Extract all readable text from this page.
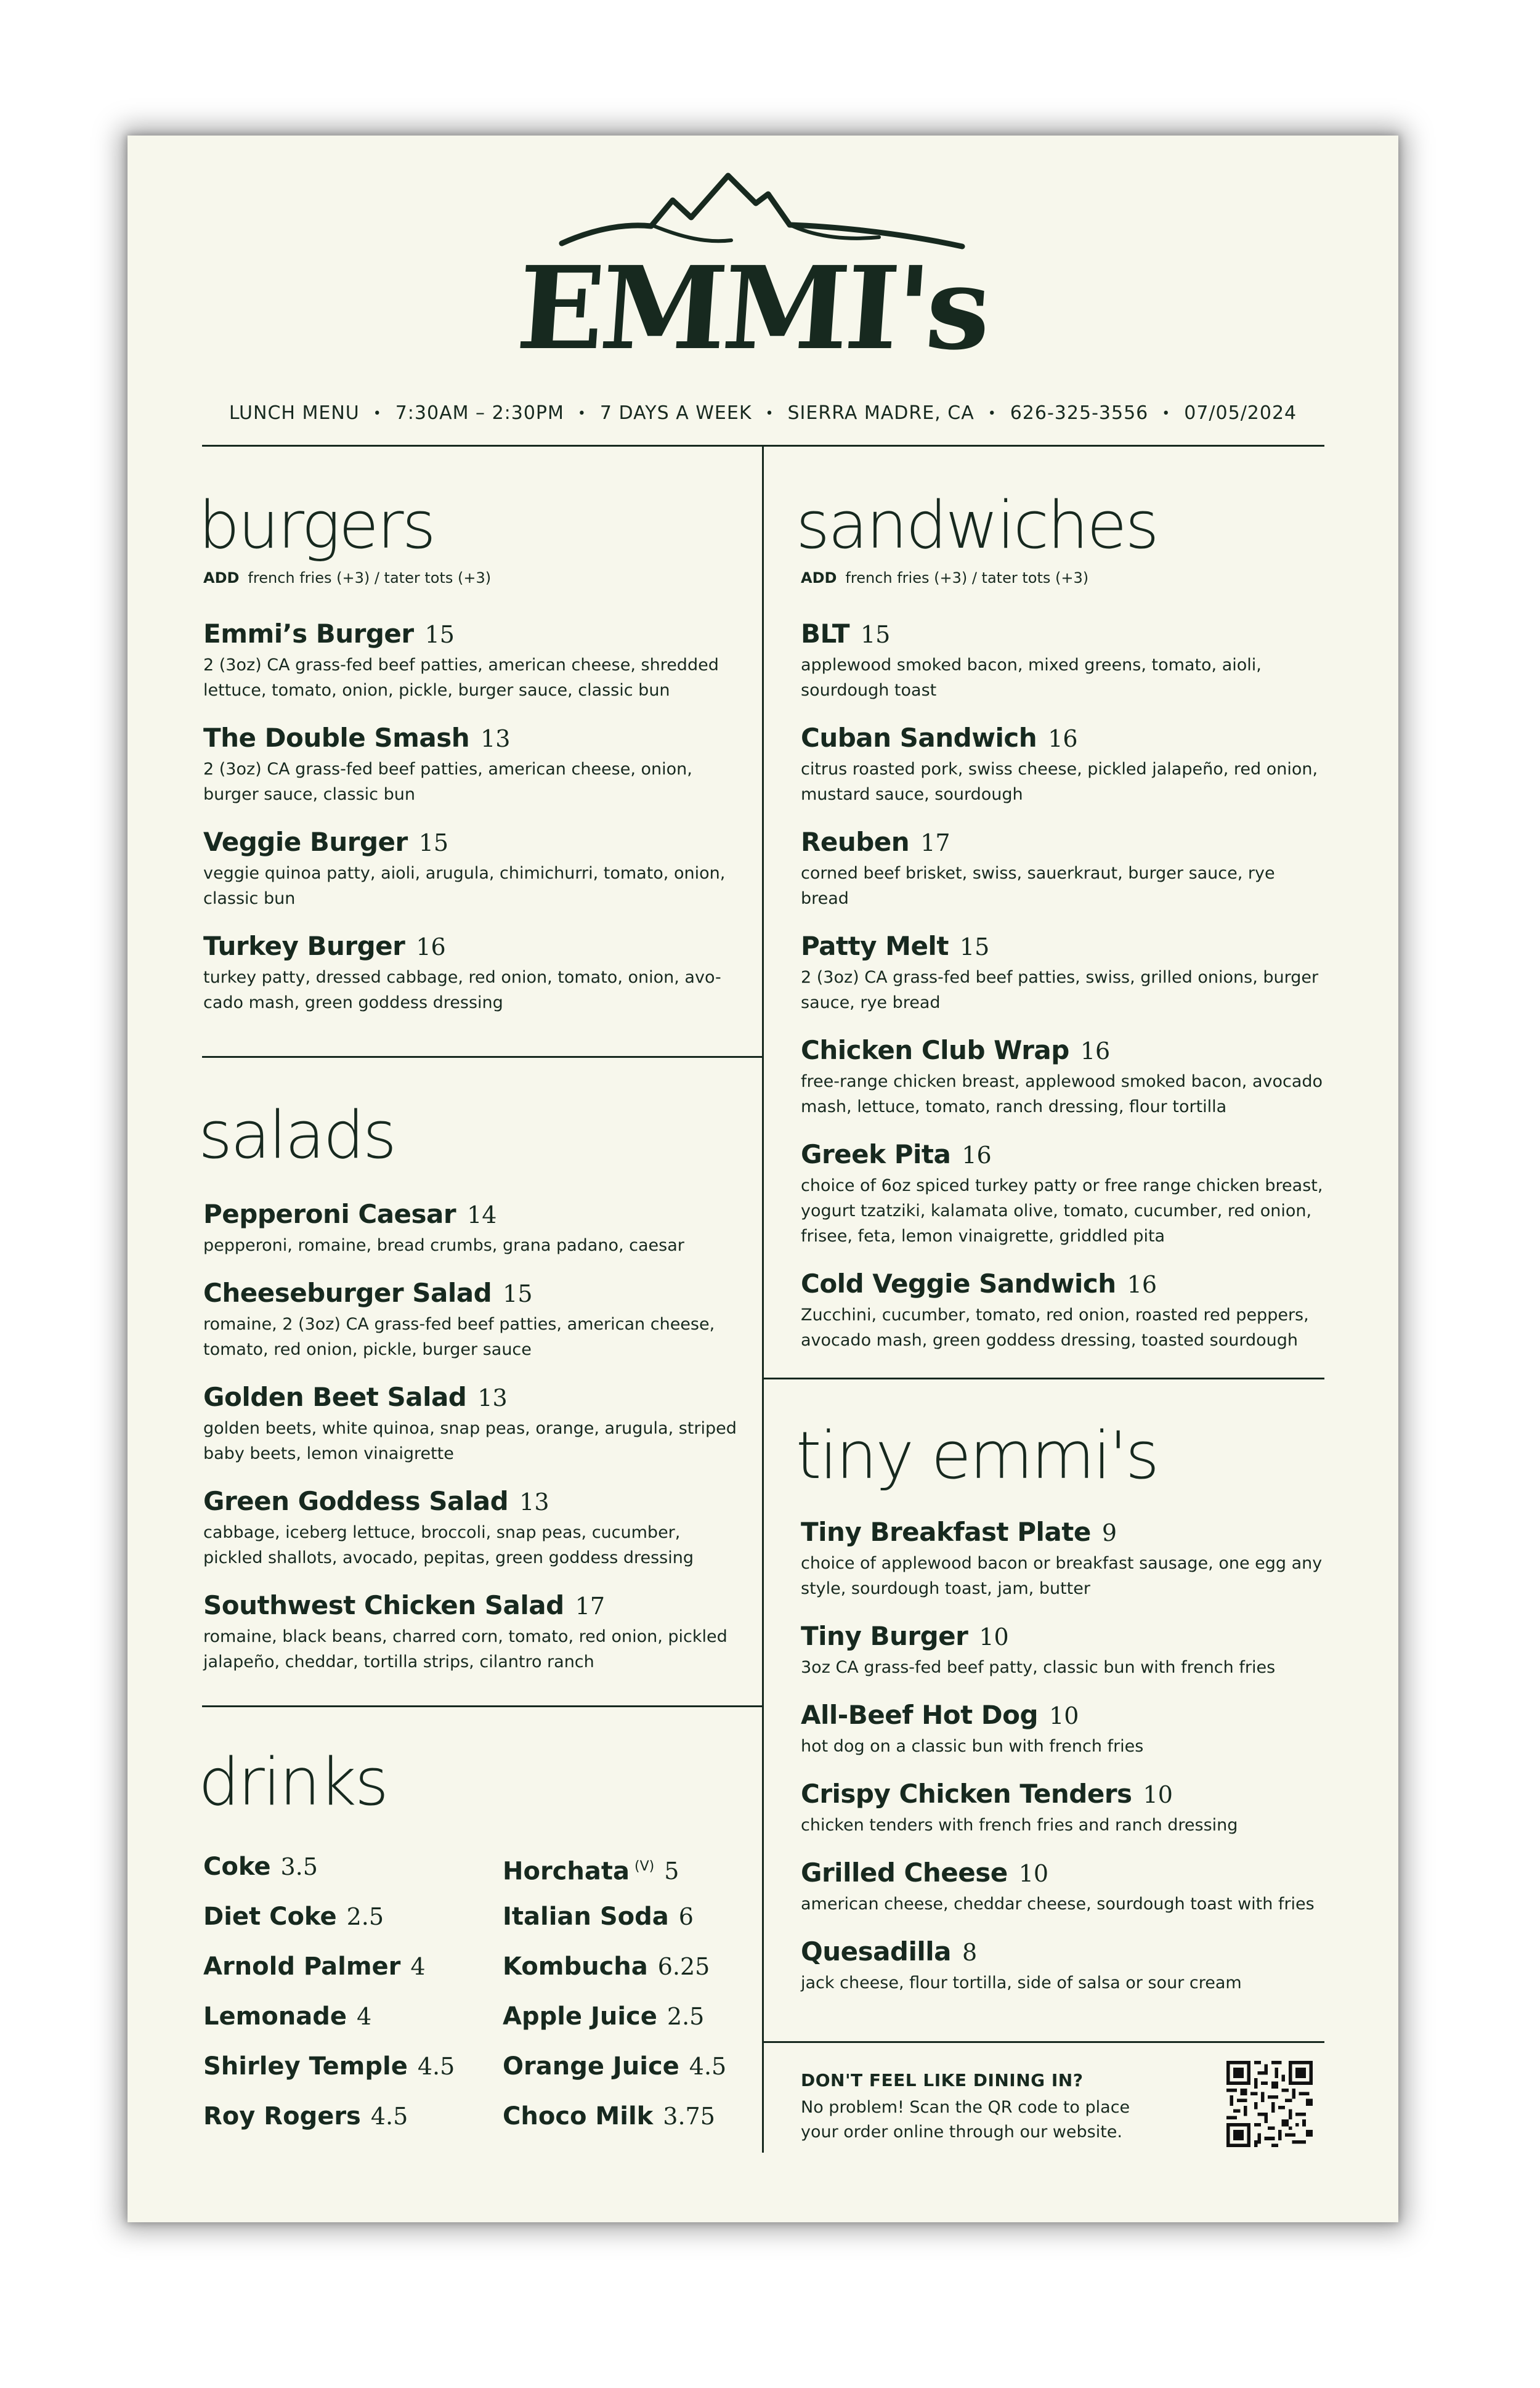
EMMI's
LUNCH MENU • 7:30AM – 2:30PM • 7 DAYS A WEEK • SIERRA MADRE, CA • 626-325-3556 • 07/05/2024
burgers
ADD french fries (+3) / tater tots (+3)
Emmi’s Burger 15
2 (3oz) CA grass-fed beef patties, american cheese, shredded lettuce, tomato, onion, pickle, burger sauce, classic bun
The Double Smash 13
2 (3oz) CA grass-fed beef patties, american cheese, onion, burger sauce, classic bun
Veggie Burger 15
veggie quinoa patty, aioli, arugula, chimichurri, tomato, onion, classic bun
Turkey Burger 16
turkey patty, dressed cabbage, red onion, tomato, onion, avo-cado mash, green goddess dressing
salads
Pepperoni Caesar 14
pepperoni, romaine, bread crumbs, grana padano, caesar
Cheeseburger Salad 15
romaine, 2 (3oz) CA grass-fed beef patties, american cheese, tomato, red onion, pickle, burger sauce
Golden Beet Salad 13
golden beets, white quinoa, snap peas, orange, arugula, striped baby beets, lemon vinaigrette
Green Goddess Salad 13
cabbage, iceberg lettuce, broccoli, snap peas, cucumber, pickled shallots, avocado, pepitas, green goddess dressing
Southwest Chicken Salad 17
romaine, black beans, charred corn, tomato, red onion, pickled jalapeño, cheddar, tortilla strips, cilantro ranch
drinks
Coke 3.5
Diet Coke 2.5
Arnold Palmer 4
Lemonade 4
Shirley Temple 4.5
Roy Rogers 4.5
Horchata $^{(V)}$ 5
Italian Soda 6
Kombucha 6.25
Apple Juice 2.5
Orange Juice 4.5
Choco Milk 3.75
sandwiches
ADD french fries (+3) / tater tots (+3)
BLT 15
applewood smoked bacon, mixed greens, tomato, aioli, sourdough toast
Cuban Sandwich 16
citrus roasted pork, swiss cheese, pickled jalapeño, red onion, mustard sauce, sourdough
Reuben 17
corned beef brisket, swiss, sauerkraut, burger sauce, rye bread
Patty Melt 15
2 (3oz) CA grass-fed beef patties, swiss, grilled onions, burger sauce, rye bread
Chicken Club Wrap 16
free-range chicken breast, applewood smoked bacon, avocado mash, lettuce, tomato, ranch dressing, flour tortilla
Greek Pita 16
choice of 6oz spiced turkey patty or free range chicken breast, yogurt tzatziki, kalamata olive, tomato, cucumber, red onion, frisee, feta, lemon vinaigrette, griddled pita
Cold Veggie Sandwich 16
Zucchini, cucumber, tomato, red onion, roasted red peppers, avocado mash, green goddess dressing, toasted sourdough
tiny emmi's
Tiny Breakfast Plate 9
choice of applewood bacon or breakfast sausage, one egg any style, sourdough toast, jam, butter
Tiny Burger 10
3oz CA grass-fed beef patty, classic bun with french fries
All-Beef Hot Dog 10
hot dog on a classic bun with french fries
Crispy Chicken Tenders 10
chicken tenders with french fries and ranch dressing
Grilled Cheese 10
american cheese, cheddar cheese, sourdough toast with fries
Quesadilla 8
jack cheese, flour tortilla, side of salsa or sour cream
DON'T FEEL LIKE DINING IN?
No problem! Scan the QR code to place your order online through our website.
